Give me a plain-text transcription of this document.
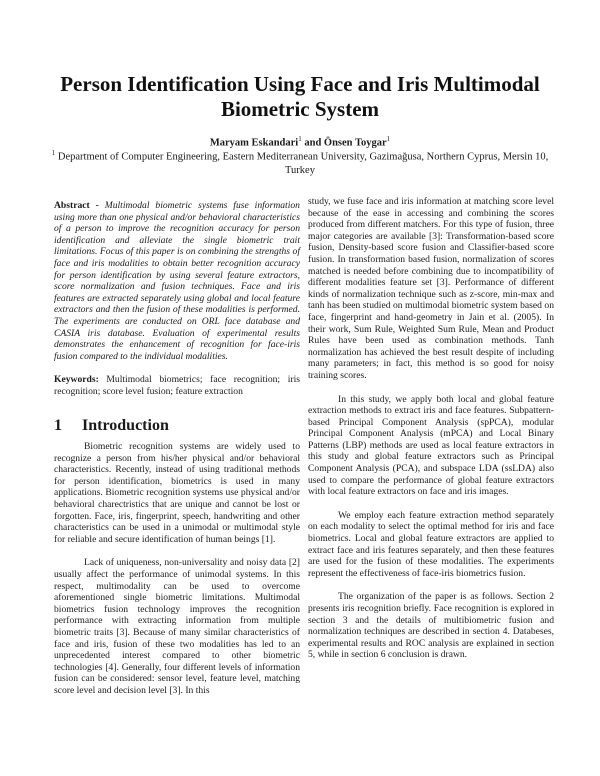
Person Identification Using Face and Iris Multimodal
Biometric System
Maryam Eskandari$^1$ and Önsen Toygar$^1$
$^1$ Department of Computer Engineering, Eastern Mediterranean University, Gazimağusa, Northern Cyprus, Mersin 10, Turkey

Abstract - Multimodal biometric systems fuse information using more than one physical and/or behavioral characteristics of a person to improve the recognition accuracy for person identification and alleviate the single biometric trait limitations. Focus of this paper is on combining the strengths of face and iris modalities to obtain better recognition accuracy for person identification by using several feature extractors, score normalization and fusion techniques. Face and iris features are extracted separately using global and local feature extractors and then the fusion of these modalities is performed. The experiments are conducted on ORL face database and CASIA iris database. Evaluation of experimental results demonstrates the enhancement of recognition for face-iris fusion compared to the individual modalities.

Keywords: Multimodal biometrics; face recognition; iris recognition; score level fusion; feature extraction

1 Introduction

Biometric recognition systems are widely used to recognize a person from his/her physical and/or behavioral characteristics. Recently, instead of using traditional methods for person identification, biometrics is used in many applications. Biometric recognition systems use physical and/or behavioral charectristics that are unique and cannot be lost or forgotten. Face, iris, fingerprint, speech, handwriting and other characteristics can be used in a unimodal or multimodal style for reliable and secure identification of human beings [1].

Lack of uniqueness, non-universality and noisy data [2] usually affect the performance of unimodal systems. In this respect, multimodality can be used to overcome aforementioned single biometric limitations. Multimodal biometrics fusion technology improves the recognition performance with extracting information from multiple biometric traits [3]. Because of many similar characteristics of face and iris, fusion of these two modalities has led to an unprecedented interest compared to other biometric technologies [4]. Generally, four different levels of information fusion can be considered: sensor level, feature level, matching score level and decision level [3]. In this

study, we fuse face and iris information at matching score level because of the ease in accessing and combining the scores produced from different matchers. For this type of fusion, three major categories are available [3]: Transformation-based score fusion, Density-based score fusion and Classifier-based score fusion. In transformation based fusion, normalization of scores matched is needed before combining due to incompatibility of different modalities feature set [3]. Performance of different kinds of normalization technique such as z-score, min-max and tanh has been studied on multimodal biometric system based on face, fingerprint and hand-geometry in Jain et al. (2005). In their work, Sum Rule, Weighted Sum Rule, Mean and Product Rules have been used as combination methods. Tanh normalization has achieved the best result despite of including many parameters; in fact, this method is so good for noisy training scores.

In this study, we apply both local and global feature extraction methods to extract iris and face features. Subpattern-based Principal Component Analysis (spPCA), modular Principal Component Analysis (mPCA) and Local Binary Patterns (LBP) methods are used as local feature extractors in this study and global feature extractors such as Principal Component Analysis (PCA), and subspace LDA (ssLDA) also used to compare the performance of global feature extractors with local feature extractors on face and iris images.

We employ each feature extraction method separately on each modality to select the optimal method for iris and face biometrics. Local and global feature extractors are applied to extract face and iris features separately, and then these features are used for the fusion of these modalities. The experiments represent the effectiveness of face-iris biometrics fusion.

The organization of the paper is as follows. Section 2 presents iris recognition briefly. Face recognition is explored in section 3 and the details of multibiometric fusion and normalization techniques are described in section 4. Databeses, experimental results and ROC analysis are explained in section 5, while in section 6 conclusion is drawn.
